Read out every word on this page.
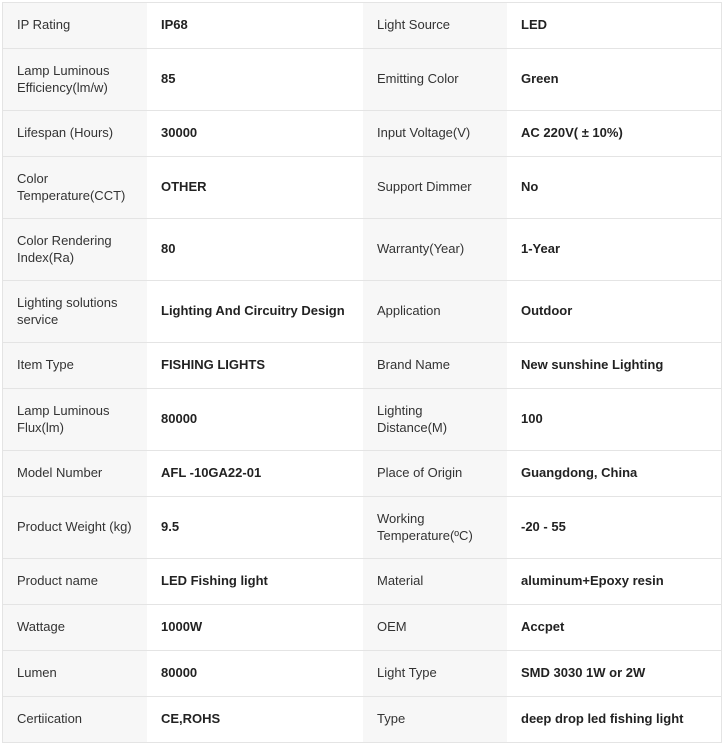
IP Rating	IP68	Light Source	LED
Lamp Luminous Efficiency(lm/w)	85	Emitting Color	Green
Lifespan (Hours)	30000	Input Voltage(V)	AC 220V( ± 10%)
Color Temperature(CCT)	OTHER	Support Dimmer	No
Color Rendering Index(Ra)	80	Warranty(Year)	1-Year
Lighting solutions service	Lighting And Circuitry Design	Application	Outdoor
Item Type	FISHING LIGHTS	Brand Name	New sunshine Lighting
Lamp Luminous Flux(lm)	80000	Lighting Distance(M)	100
Model Number	AFL -10GA22-01	Place of Origin	Guangdong, China
Product Weight (kg)	9.5	Working Temperature(ºC)	-20 - 55
Product name	LED Fishing light	Material	aluminum+Epoxy resin
Wattage	1000W	OEM	Accpet
Lumen	80000	Light Type	SMD 3030 1W or 2W
Certiication	CE,ROHS	Type	deep drop led fishing light
